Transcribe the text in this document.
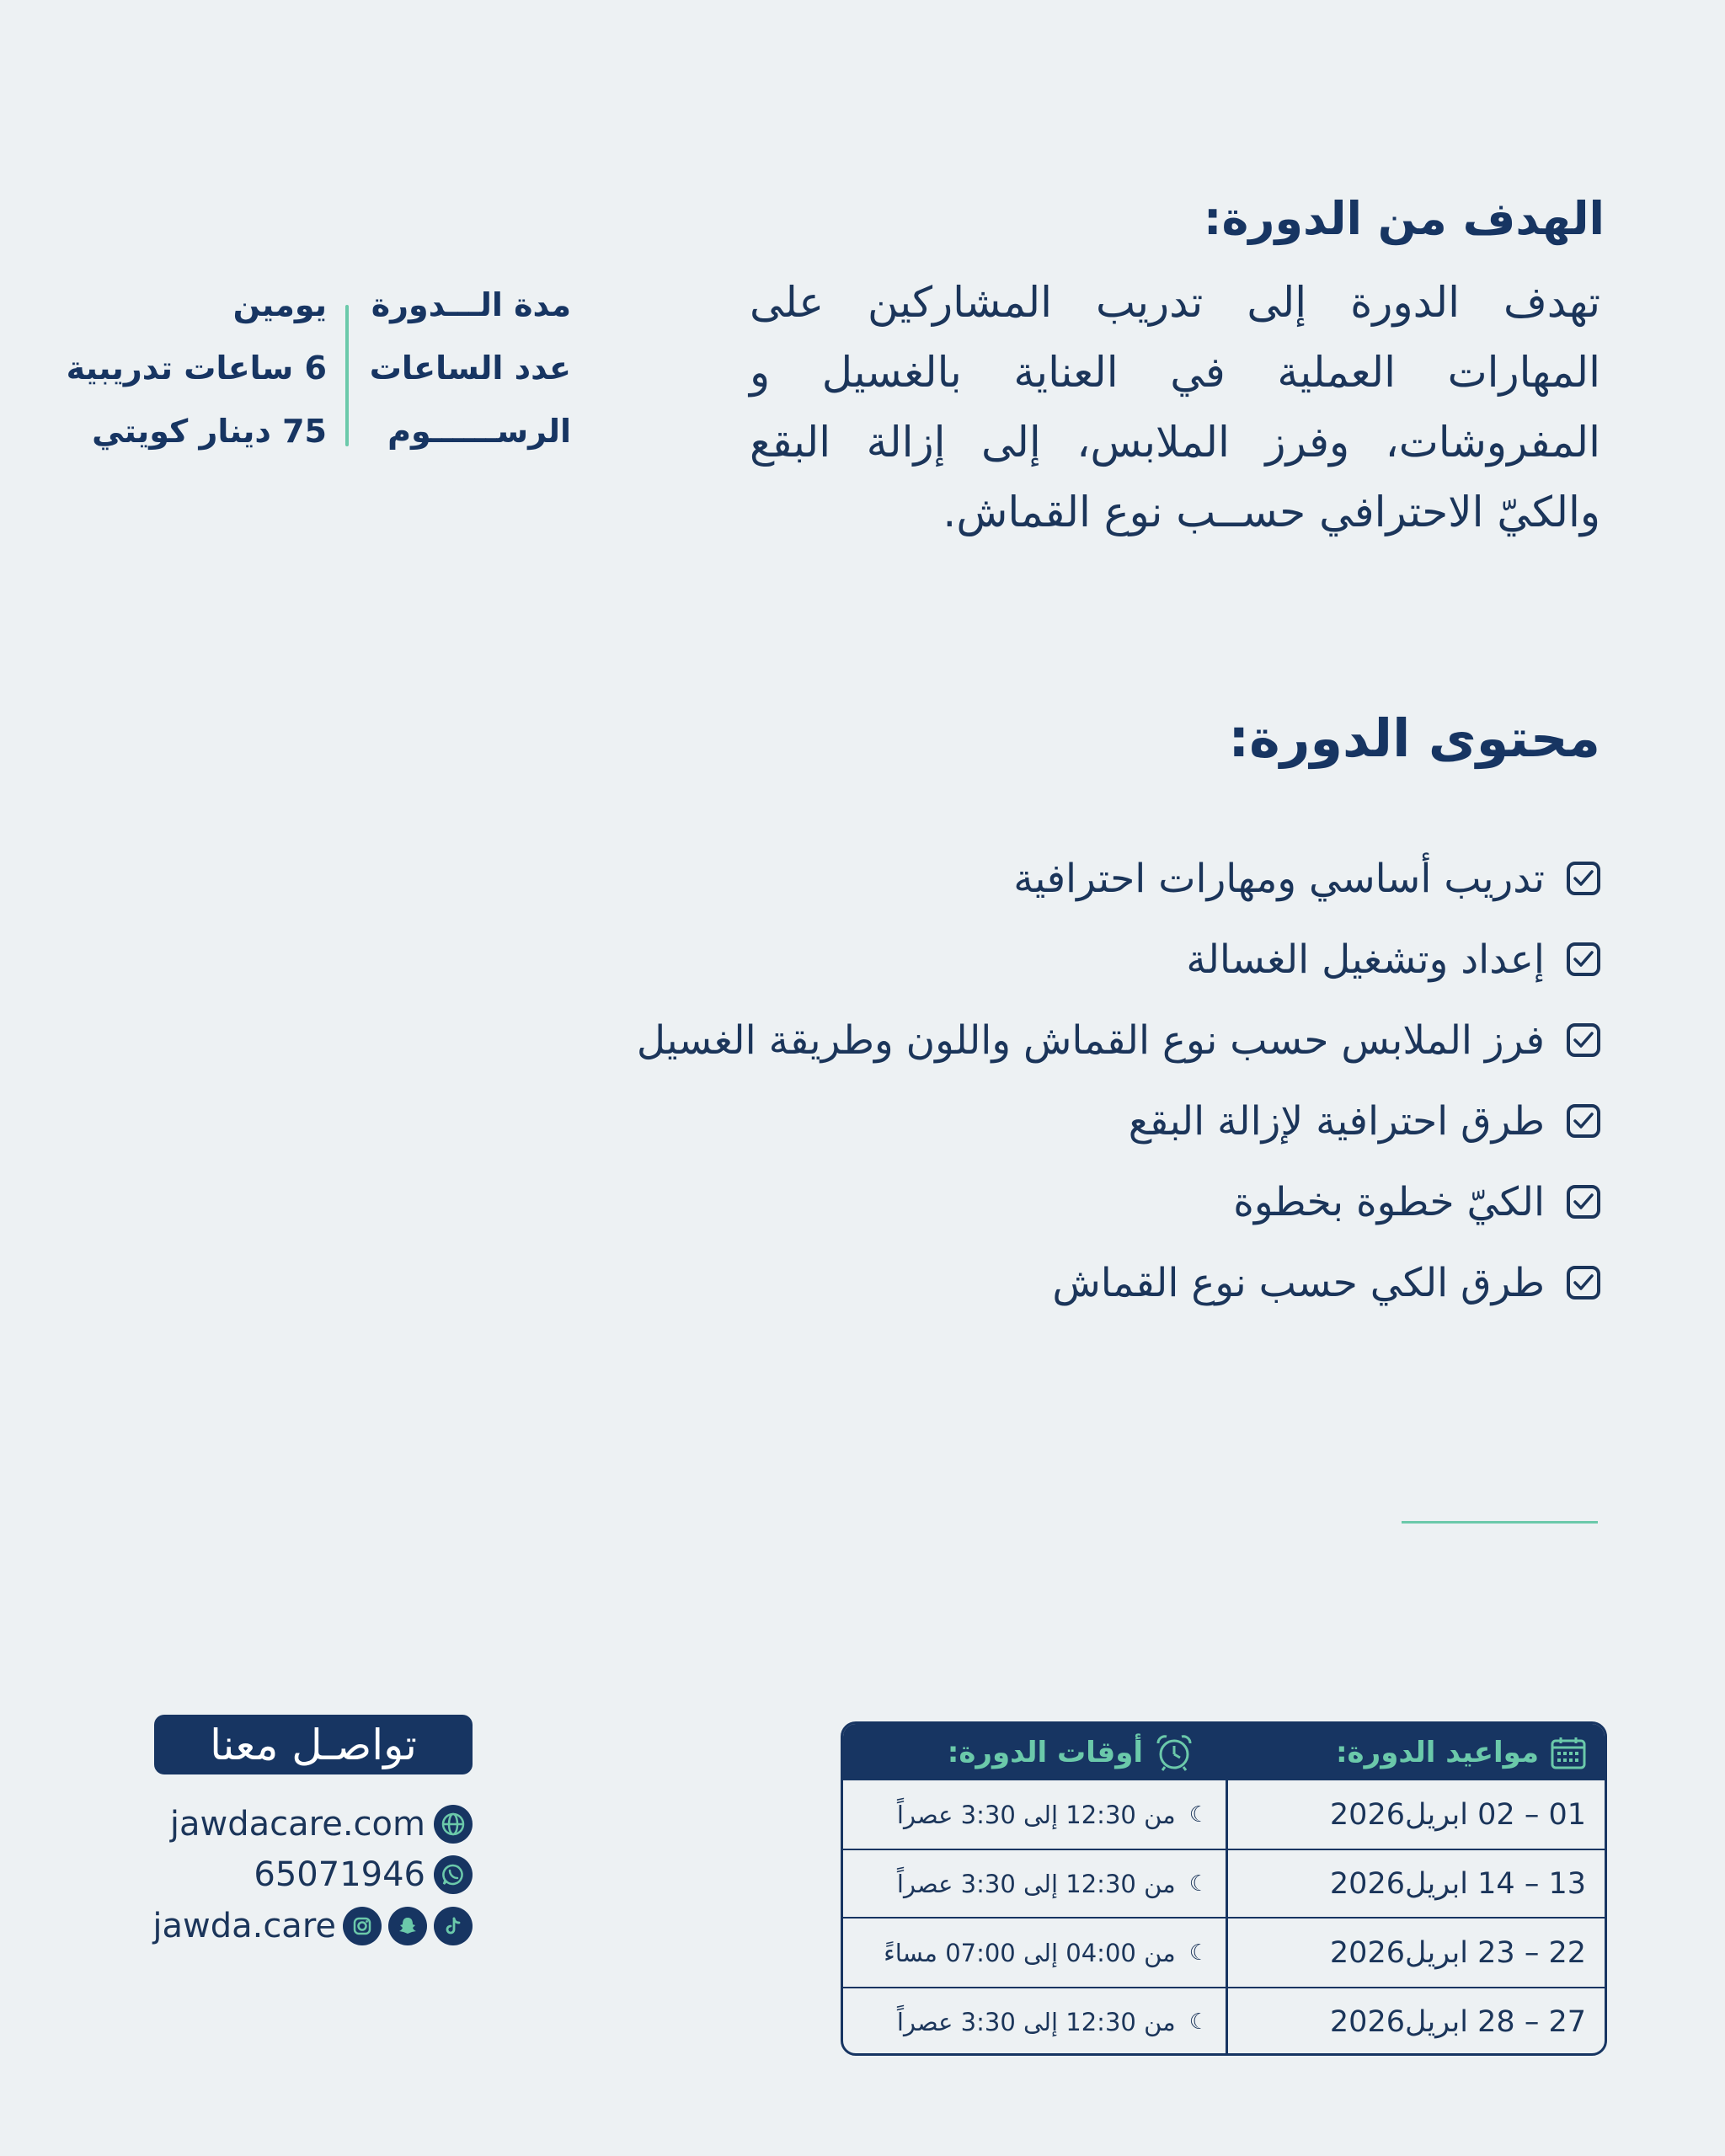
الهدف من الدورة:

تهدف الدورة إلى تدريب المشاركين على المهارات العملية في العناية بالغسيل و المفروشات، وفرز الملابس، إلى إزالة البقع والكيّ الاحترافي حســب نوع القماش.

مدة الـــدورة
يومين
عدد الساعات
6 ساعات تدريبية
الرســــــوم
75 دينار كويتي
محتوى الدورة:
تدريب أساسي ومهارات احترافية
إعداد وتشغيل الغسالة
فرز الملابس حسب نوع القماش واللون وطريقة الغسيل
طرق احترافية لإزالة البقع
الكيّ خطوة بخطوة
طرق الكي حسب نوع القماش
مواعيد الدورة:
أوقات الدورة:
01 – 02 ابريل2026
☾
من 12:30 إلى 3:30 عصراً
13 – 14 ابريل2026
☾
من 12:30 إلى 3:30 عصراً
22 – 23 ابريل2026
☾
من 04:00 إلى 07:00 مساءً
27 – 28 ابريل2026
☾
من 12:30 إلى 3:30 عصراً
تواصـل معنا
jawdacare.com
65071946
jawda.care
